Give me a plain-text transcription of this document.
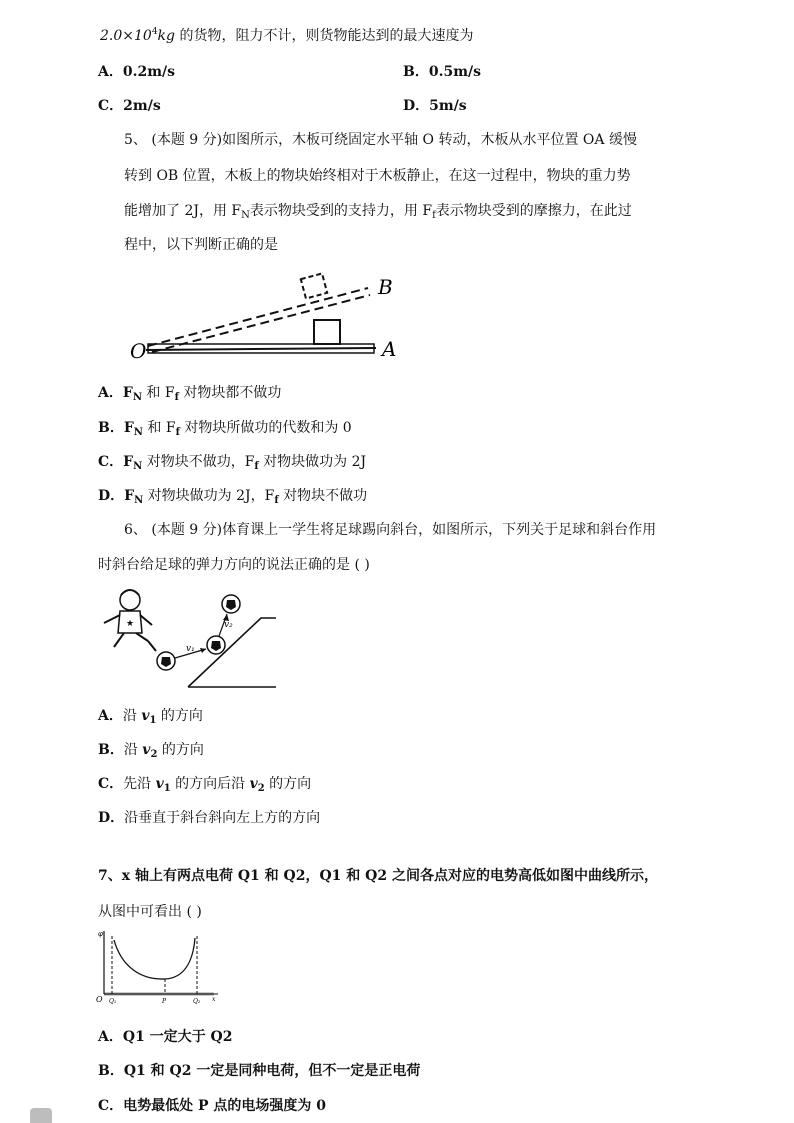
$2.0\times 10^4kg$ 的货物，阻力不计，则货物能达到的最大速度为
A．0.2m/s	B．0.5m/s
C．2m/s	D．5m/s
5、 (本题 9 分)如图所示，木板可绕固定水平轴 O 转动，木板从水平位置 OA 缓慢
转到 OB 位置，木板上的物块始终相对于木板静止，在这一过程中，物块的重力势
能增加了 2J，用 $F_N$表示物块受到的支持力，用 $F_f$表示物块受到的摩擦力，在此过
程中，以下判断正确的是
O	A
B
A．$F_N$ 和 $F_f$ 对物块都不做功
B．$F_N$ 和 $F_f$ 对物块所做功的代数和为 0
C．$F_N$ 对物块不做功，$F_f$ 对物块做功为 2J
D．$F_N$ 对物块做功为 2J，$F_f$ 对物块不做功
6、 (本题 9 分)体育课上一学生将足球踢向斜台，如图所示，下列关于足球和斜台作用
时斜台给足球的弹力方向的说法正确的是 ( )
★
v₁
v₂
A．沿 $v_1$ 的方向
B．沿 $v_2$ 的方向
C．先沿 $v_1$ 的方向后沿 $v_2$ 的方向
D．沿垂直于斜台斜向左上方的方向
7、x 轴上有两点电荷 Q1 和 Q2，Q1 和 Q2 之间各点对应的电势高低如图中曲线所示，
从图中可看出 ( )
φ
O Q₁	P	Q₂ x
A．Q1 一定大于 Q2
B．Q1 和 Q2 一定是同种电荷，但不一定是正电荷
C．电势最低处 P 点的电场强度为 0
